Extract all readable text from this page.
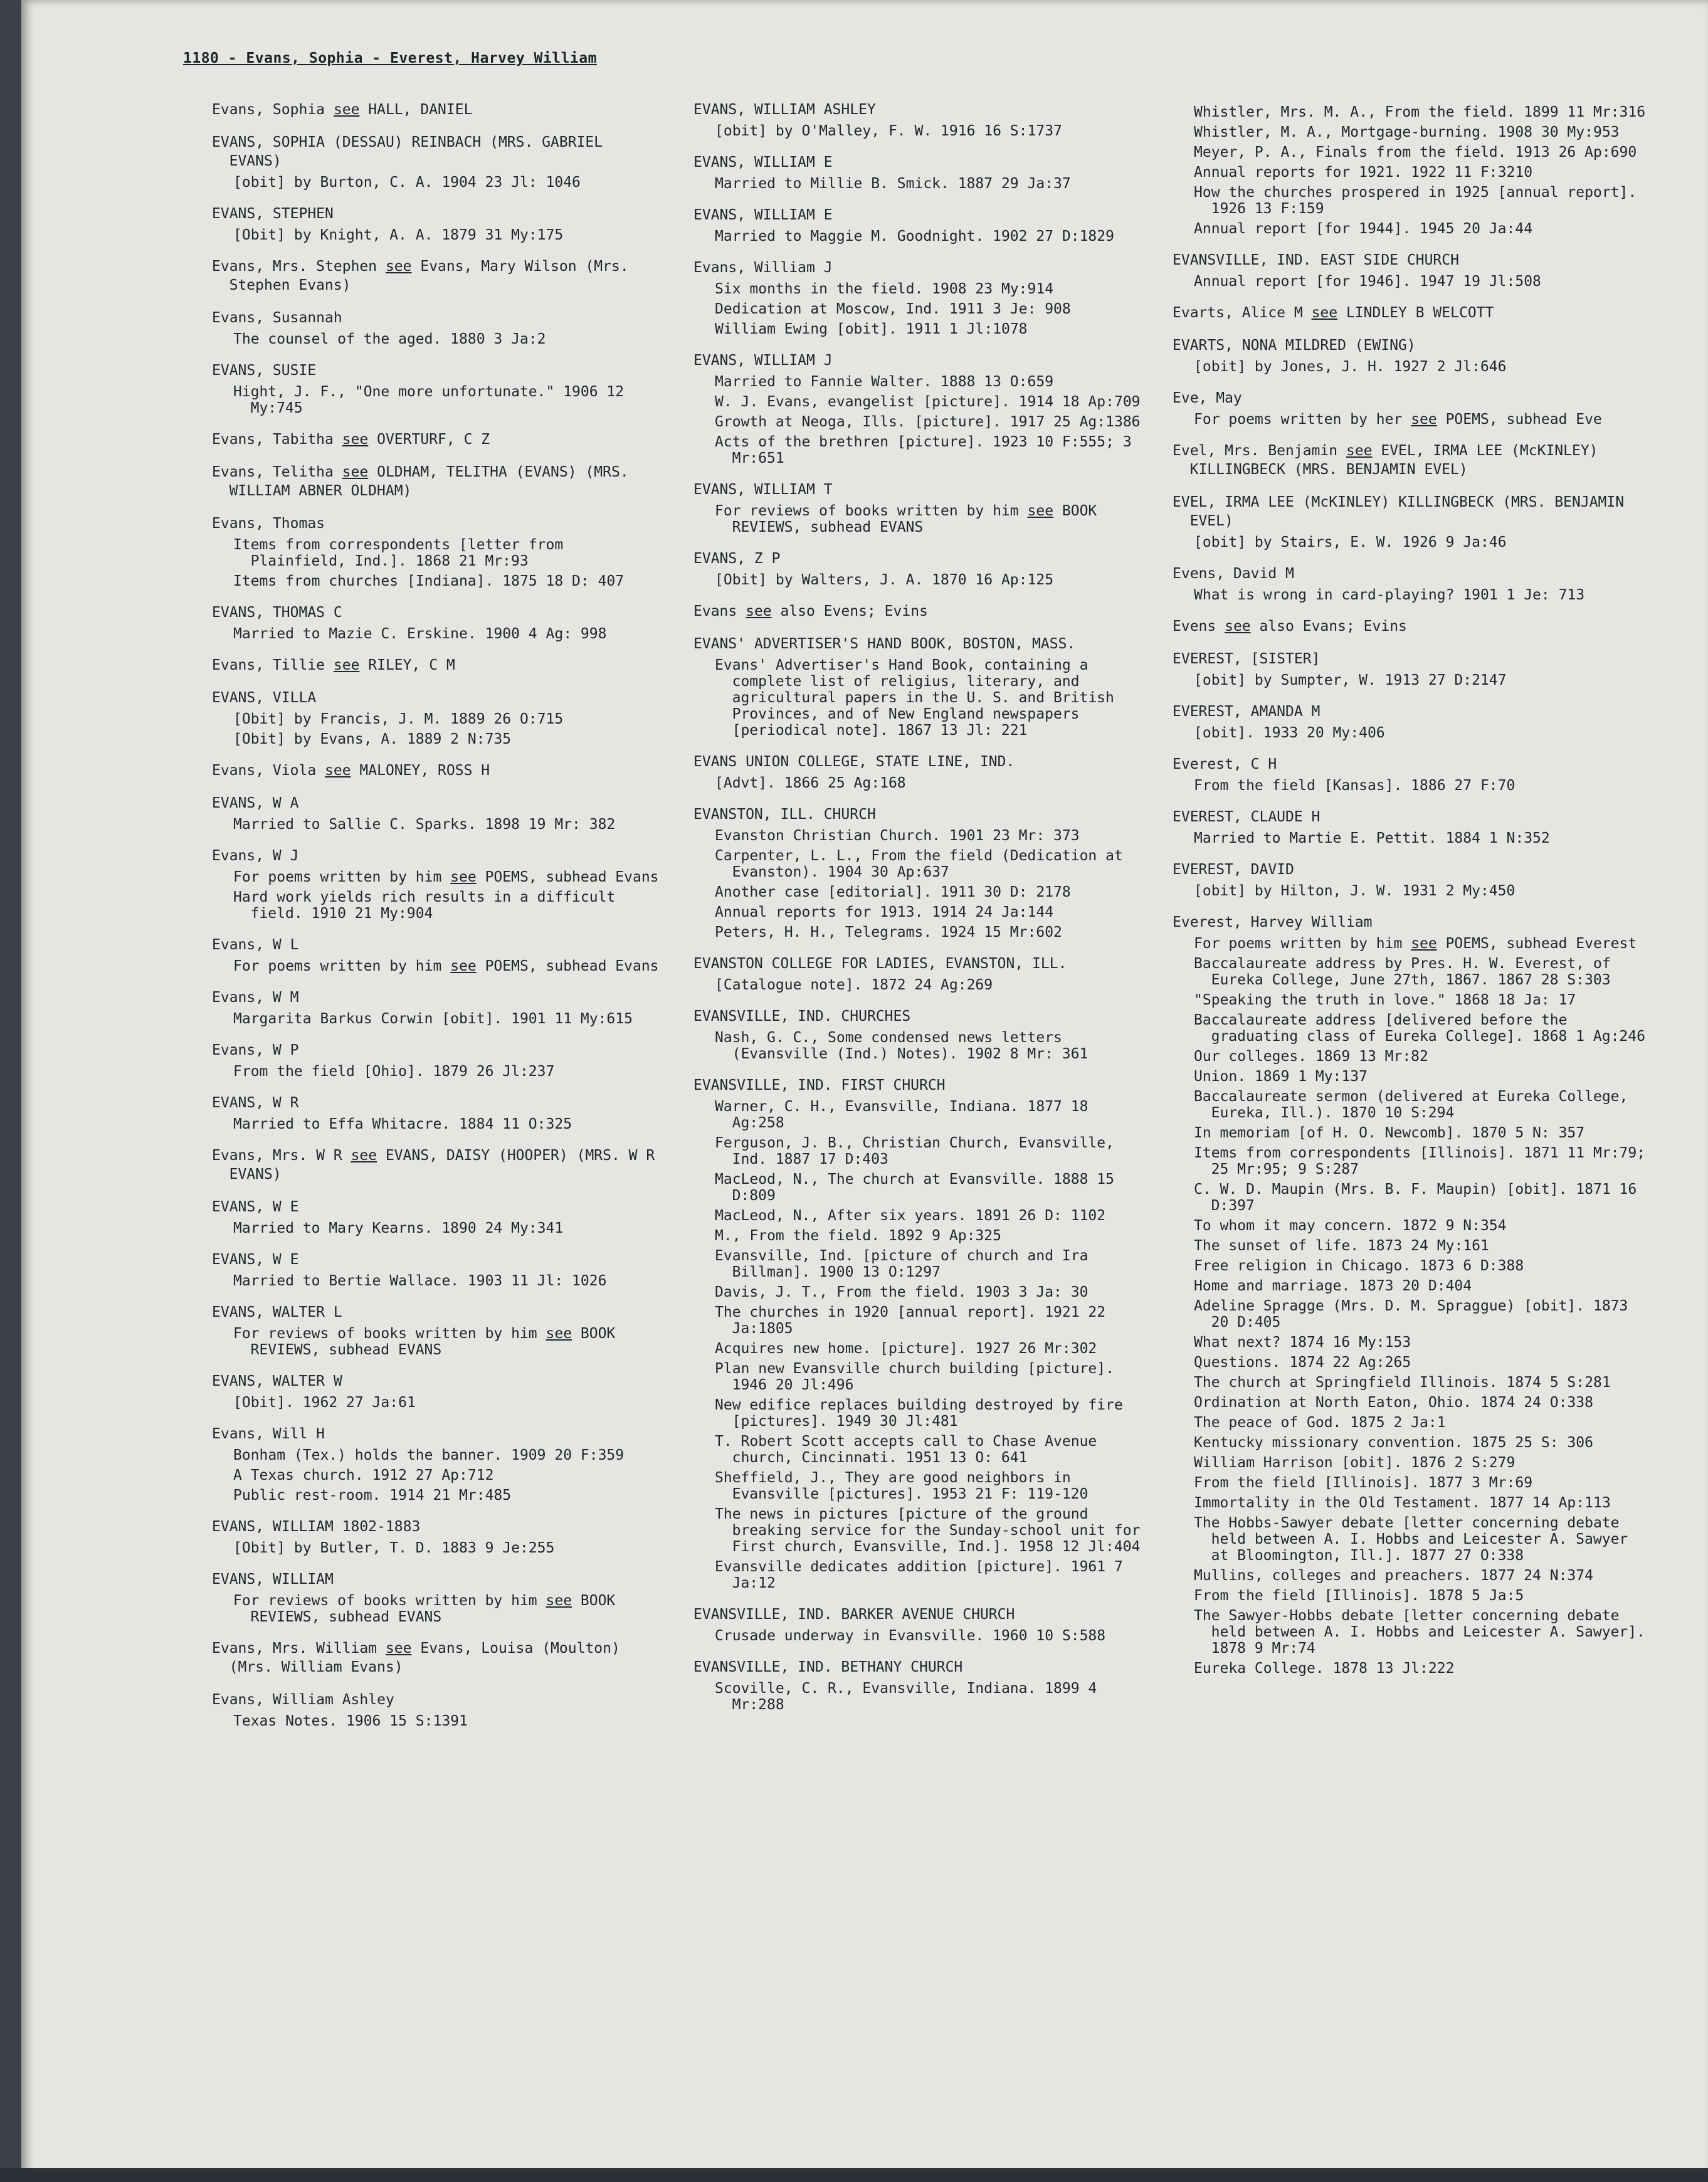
1180 - Evans, Sophia - Everest, Harvey William
Evans, Sophia see HALL, DANIEL
EVANS, SOPHIA (DESSAU) REINBACH (MRS. GABRIEL EVANS)
[obit] by Burton, C. A. 1904 23 Jl: 1046
EVANS, STEPHEN
[Obit] by Knight, A. A. 1879 31 My:175
Evans, Mrs. Stephen see Evans, Mary Wilson (Mrs. Stephen Evans)
Evans, Susannah
The counsel of the aged. 1880 3 Ja:2
EVANS, SUSIE
Hight, J. F., "One more unfortunate." 1906 12 My:745
Evans, Tabitha see OVERTURF, C Z
Evans, Telitha see OLDHAM, TELITHA (EVANS) (MRS. WILLIAM ABNER OLDHAM)
Evans, Thomas
Items from correspondents [letter from Plainfield, Ind.]. 1868 21 Mr:93
Items from churches [Indiana]. 1875 18 D: 407
EVANS, THOMAS C
Married to Mazie C. Erskine. 1900 4 Ag: 998
Evans, Tillie see RILEY, C M
EVANS, VILLA
[Obit] by Francis, J. M. 1889 26 O:715
[Obit] by Evans, A. 1889 2 N:735
Evans, Viola see MALONEY, ROSS H
EVANS, W A
Married to Sallie C. Sparks. 1898 19 Mr: 382
Evans, W J
For poems written by him see POEMS, subhead Evans
Hard work yields rich results in a difficult field. 1910 21 My:904
Evans, W L
For poems written by him see POEMS, subhead Evans
Evans, W M
Margarita Barkus Corwin [obit]. 1901 11 My:615
Evans, W P
From the field [Ohio]. 1879 26 Jl:237
EVANS, W R
Married to Effa Whitacre. 1884 11 O:325
Evans, Mrs. W R see EVANS, DAISY (HOOPER) (MRS. W R EVANS)
EVANS, W E
Married to Mary Kearns. 1890 24 My:341
EVANS, W E
Married to Bertie Wallace. 1903 11 Jl: 1026
EVANS, WALTER L
For reviews of books written by him see BOOK REVIEWS, subhead EVANS
EVANS, WALTER W
[Obit]. 1962 27 Ja:61
Evans, Will H
Bonham (Tex.) holds the banner. 1909 20 F:359
A Texas church. 1912 27 Ap:712
Public rest-room. 1914 21 Mr:485
EVANS, WILLIAM 1802-1883
[Obit] by Butler, T. D. 1883 9 Je:255
EVANS, WILLIAM
For reviews of books written by him see BOOK REVIEWS, subhead EVANS
Evans, Mrs. William see Evans, Louisa (Moulton) (Mrs. William Evans)
Evans, William Ashley
Texas Notes. 1906 15 S:1391
EVANS, WILLIAM ASHLEY
[obit] by O'Malley, F. W. 1916 16 S:1737
EVANS, WILLIAM E
Married to Millie B. Smick. 1887 29 Ja:37
EVANS, WILLIAM E
Married to Maggie M. Goodnight. 1902 27 D:1829
Evans, William J
Six months in the field. 1908 23 My:914
Dedication at Moscow, Ind. 1911 3 Je: 908
William Ewing [obit]. 1911 1 Jl:1078
EVANS, WILLIAM J
Married to Fannie Walter. 1888 13 O:659
W. J. Evans, evangelist [picture]. 1914 18 Ap:709
Growth at Neoga, Ills. [picture]. 1917 25 Ag:1386
Acts of the brethren [picture]. 1923 10 F:555; 3 Mr:651
EVANS, WILLIAM T
For reviews of books written by him see BOOK REVIEWS, subhead EVANS
EVANS, Z P
[Obit] by Walters, J. A. 1870 16 Ap:125
Evans see also Evens; Evins
EVANS' ADVERTISER'S HAND BOOK, BOSTON, MASS.
Evans' Advertiser's Hand Book, containing a complete list of religius, literary, and agricultural papers in the U. S. and British Provinces, and of New England newspapers [periodical note]. 1867 13 Jl: 221
EVANS UNION COLLEGE, STATE LINE, IND.
[Advt]. 1866 25 Ag:168
EVANSTON, ILL. CHURCH
Evanston Christian Church. 1901 23 Mr: 373
Carpenter, L. L., From the field (Dedication at Evanston). 1904 30 Ap:637
Another case [editorial]. 1911 30 D: 2178
Annual reports for 1913. 1914 24 Ja:144
Peters, H. H., Telegrams. 1924 15 Mr:602
EVANSTON COLLEGE FOR LADIES, EVANSTON, ILL.
[Catalogue note]. 1872 24 Ag:269
EVANSVILLE, IND. CHURCHES
Nash, G. C., Some condensed news letters (Evansville (Ind.) Notes). 1902 8 Mr: 361
EVANSVILLE, IND. FIRST CHURCH
Warner, C. H., Evansville, Indiana. 1877 18 Ag:258
Ferguson, J. B., Christian Church, Evansville, Ind. 1887 17 D:403
MacLeod, N., The church at Evansville. 1888 15 D:809
MacLeod, N., After six years. 1891 26 D: 1102
M., From the field. 1892 9 Ap:325
Evansville, Ind. [picture of church and Ira Billman]. 1900 13 O:1297
Davis, J. T., From the field. 1903 3 Ja: 30
The churches in 1920 [annual report]. 1921 22 Ja:1805
Acquires new home. [picture]. 1927 26 Mr:302
Plan new Evansville church building [picture]. 1946 20 Jl:496
New edifice replaces building destroyed by fire [pictures]. 1949 30 Jl:481
T. Robert Scott accepts call to Chase Avenue church, Cincinnati. 1951 13 O: 641
Sheffield, J., They are good neighbors in Evansville [pictures]. 1953 21 F: 119-120
The news in pictures [picture of the ground breaking service for the Sunday-school unit for First church, Evansville, Ind.]. 1958 12 Jl:404
Evansville dedicates addition [picture]. 1961 7 Ja:12
EVANSVILLE, IND. BARKER AVENUE CHURCH
Crusade underway in Evansville. 1960 10 S:588
EVANSVILLE, IND. BETHANY CHURCH
Scoville, C. R., Evansville, Indiana. 1899 4 Mr:288
Whistler, Mrs. M. A., From the field. 1899 11 Mr:316
Whistler, M. A., Mortgage-burning. 1908 30 My:953
Meyer, P. A., Finals from the field. 1913 26 Ap:690
Annual reports for 1921. 1922 11 F:3210
How the churches prospered in 1925 [annual report]. 1926 13 F:159
Annual report [for 1944]. 1945 20 Ja:44
EVANSVILLE, IND. EAST SIDE CHURCH
Annual report [for 1946]. 1947 19 Jl:508
Evarts, Alice M see LINDLEY B WELCOTT
EVARTS, NONA MILDRED (EWING)
[obit] by Jones, J. H. 1927 2 Jl:646
Eve, May
For poems written by her see POEMS, subhead Eve
Evel, Mrs. Benjamin see EVEL, IRMA LEE (McKINLEY) KILLINGBECK (MRS. BENJAMIN EVEL)
EVEL, IRMA LEE (McKINLEY) KILLINGBECK (MRS. BENJAMIN EVEL)
[obit] by Stairs, E. W. 1926 9 Ja:46
Evens, David M
What is wrong in card-playing? 1901 1 Je: 713
Evens see also Evans; Evins
EVEREST, [SISTER]
[obit] by Sumpter, W. 1913 27 D:2147
EVEREST, AMANDA M
[obit]. 1933 20 My:406
Everest, C H
From the field [Kansas]. 1886 27 F:70
EVEREST, CLAUDE H
Married to Martie E. Pettit. 1884 1 N:352
EVEREST, DAVID
[obit] by Hilton, J. W. 1931 2 My:450
Everest, Harvey William
For poems written by him see POEMS, subhead Everest
Baccalaureate address by Pres. H. W. Everest, of Eureka College, June 27th, 1867. 1867 28 S:303
"Speaking the truth in love." 1868 18 Ja: 17
Baccalaureate address [delivered before the graduating class of Eureka College]. 1868 1 Ag:246
Our colleges. 1869 13 Mr:82
Union. 1869 1 My:137
Baccalaureate sermon (delivered at Eureka College, Eureka, Ill.). 1870 10 S:294
In memoriam [of H. O. Newcomb]. 1870 5 N: 357
Items from correspondents [Illinois]. 1871 11 Mr:79; 25 Mr:95; 9 S:287
C. W. D. Maupin (Mrs. B. F. Maupin) [obit]. 1871 16 D:397
To whom it may concern. 1872 9 N:354
The sunset of life. 1873 24 My:161
Free religion in Chicago. 1873 6 D:388
Home and marriage. 1873 20 D:404
Adeline Spragge (Mrs. D. M. Spraggue) [obit]. 1873 20 D:405
What next? 1874 16 My:153
Questions. 1874 22 Ag:265
The church at Springfield Illinois. 1874 5 S:281
Ordination at North Eaton, Ohio. 1874 24 O:338
The peace of God. 1875 2 Ja:1
Kentucky missionary convention. 1875 25 S: 306
William Harrison [obit]. 1876 2 S:279
From the field [Illinois]. 1877 3 Mr:69
Immortality in the Old Testament. 1877 14 Ap:113
The Hobbs-Sawyer debate [letter concerning debate held between A. I. Hobbs and Leicester A. Sawyer at Bloomington, Ill.]. 1877 27 O:338
Mullins, colleges and preachers. 1877 24 N:374
From the field [Illinois]. 1878 5 Ja:5
The Sawyer-Hobbs debate [letter concerning debate held between A. I. Hobbs and Leicester A. Sawyer]. 1878 9 Mr:74
Eureka College. 1878 13 Jl:222
